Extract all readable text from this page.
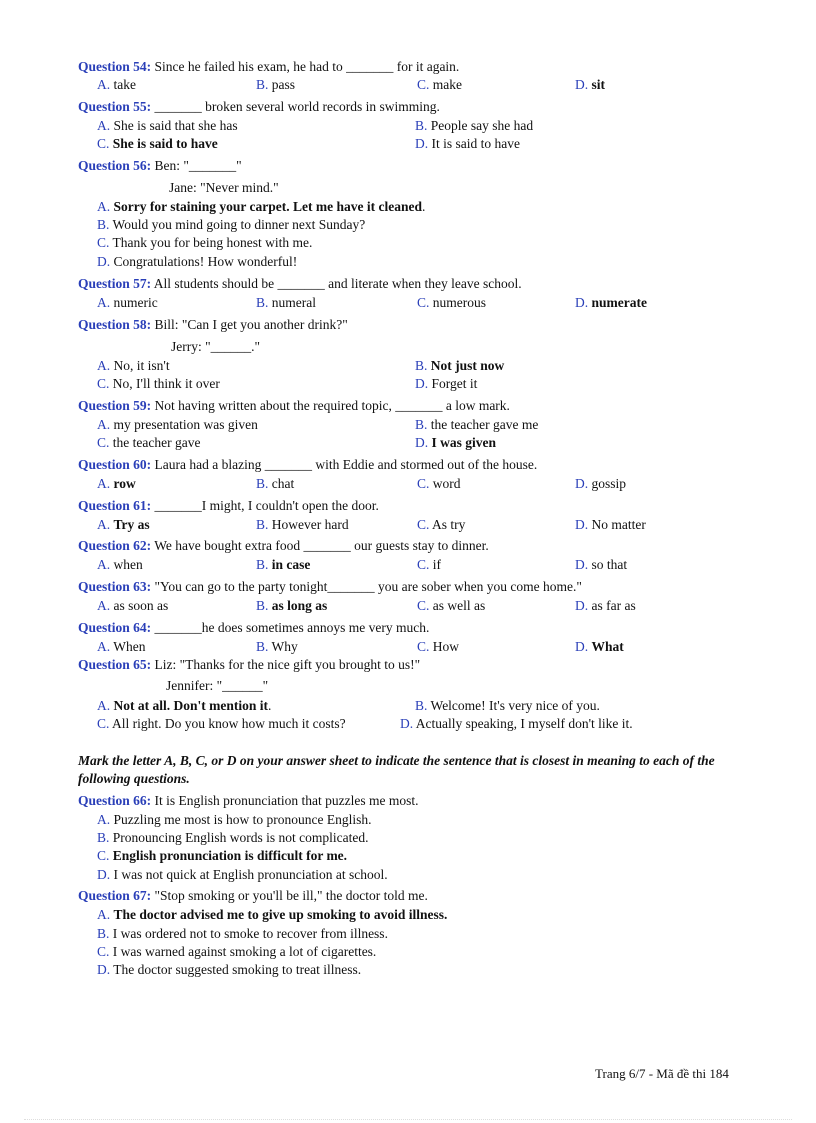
Question 54: Since he failed his exam, he had to _______ for it again.
A. take	B. pass	C. make	D. sit
Question 55: _______ broken several world records in swimming.
A. She is said that she has	B. People say she had
C. She is said to have	D. It is said to have
Question 56: Ben: "_______"
Jane: "Never mind."
A. Sorry for staining your carpet. Let me have it cleaned.
B. Would you mind going to dinner next Sunday?
C. Thank you for being honest with me.
D. Congratulations! How wonderful!
Question 57: All students should be _______ and literate when they leave school.
A. numeric	B. numeral	C. numerous	D. numerate
Question 58: Bill: "Can I get you another drink?"
Jerry: "______."
A. No, it isn't	B. Not just now
C. No, I'll think it over	D. Forget it
Question 59: Not having written about the required topic, _______ a low mark.
A. my presentation was given	B. the teacher gave me
C. the teacher gave	D. I was given
Question 60: Laura had a blazing _______ with Eddie and stormed out of the house.
A. row	B. chat	C. word	D. gossip
Question 61: _______I might, I couldn't open the door.
A. Try as	B. However hard	C. As try	D. No matter
Question 62: We have bought extra food _______ our guests stay to dinner.
A. when	B. in case	C. if	D. so that
Question 63: "You can go to the party tonight_______ you are sober when you come home."
A. as soon as	B. as long as	C. as well as	D. as far as
Question 64: _______he does sometimes annoys me very much.
A. When	B. Why	C. How	D. What
Question 65: Liz: "Thanks for the nice gift you brought to us!"
Jennifer: "______"
A. Not at all. Don't mention it.	B. Welcome! It's very nice of you.
C. All right. Do you know how much it costs?	D. Actually speaking, I myself don't like it.
Mark the letter A, B, C, or D on your answer sheet to indicate the sentence that is closest in meaning to each of the following questions.
Question 66: It is English pronunciation that puzzles me most.
A. Puzzling me most is how to pronounce English.
B. Pronouncing English words is not complicated.
C. English pronunciation is difficult for me.
D. I was not quick at English pronunciation at school.
Question 67: "Stop smoking or you'll be ill," the doctor told me.
A. The doctor advised me to give up smoking to avoid illness.
B. I was ordered not to smoke to recover from illness.
C. I was warned against smoking a lot of cigarettes.
D. The doctor suggested smoking to treat illness.
Trang 6/7 - Mã đề thi 184
